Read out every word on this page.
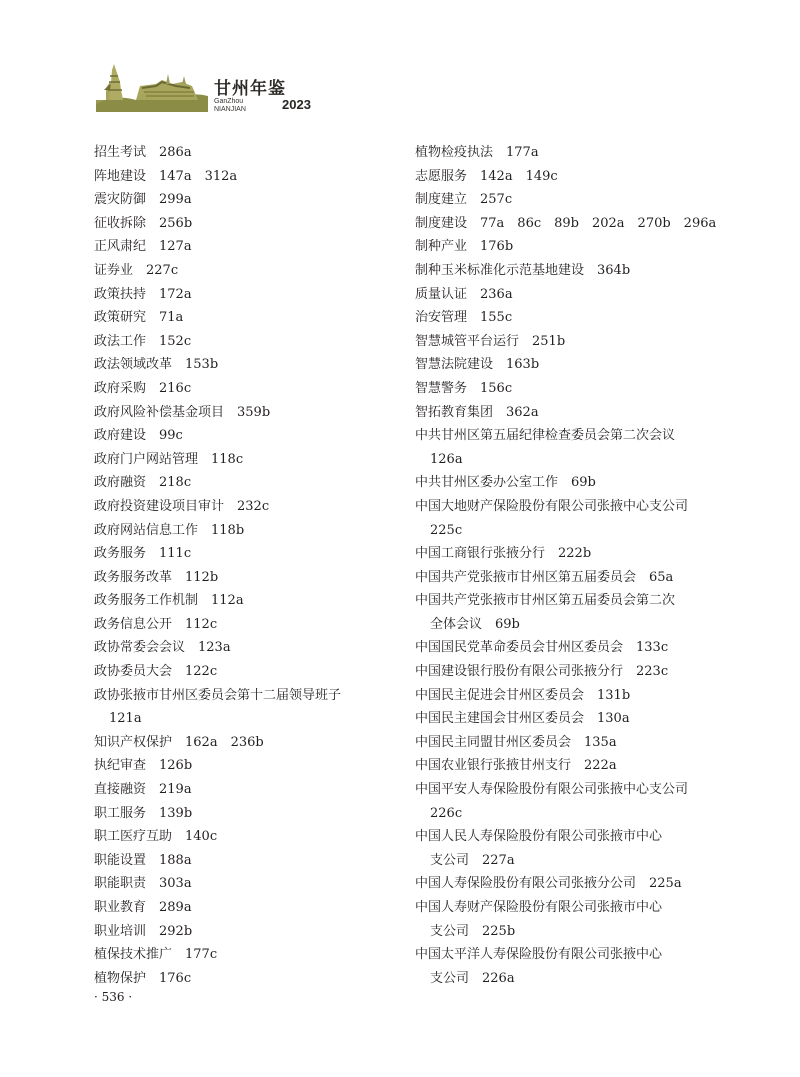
甘州年鉴
GanZhou
NIANJIAN	2023
招生考试　286a
阵地建设　147a　312a
震灾防御　299a
征收拆除　256b
正风肃纪　127a
证券业　227c
政策扶持　172a
政策研究　71a
政法工作　152c
政法领域改革　153b
政府采购　216c
政府风险补偿基金项目　359b
政府建设　99c
政府门户网站管理　118c
政府融资　218c
政府投资建设项目审计　232c
政府网站信息工作　118b
政务服务　111c
政务服务改革　112b
政务服务工作机制　112a
政务信息公开　112c
政协常委会会议　123a
政协委员大会　122c
政协张掖市甘州区委员会第十二届领导班子
121a
知识产权保护　162a　236b
执纪审查　126b
直接融资　219a
职工服务　139b
职工医疗互助　140c
职能设置　188a
职能职责　303a
职业教育　289a
职业培训　292b
植保技术推广　177c
植物保护　176c
植物检疫执法　177a
志愿服务　142a　149c
制度建立　257c
制度建设　77a　86c　89b　202a　270b　296a
制种产业　176b
制种玉米标准化示范基地建设　364b
质量认证　236a
治安管理　155c
智慧城管平台运行　251b
智慧法院建设　163b
智慧警务　156c
智拓教育集团　362a
中共甘州区第五届纪律检查委员会第二次会议
126a
中共甘州区委办公室工作　69b
中国大地财产保险股份有限公司张掖中心支公司
225c
中国工商银行张掖分行　222b
中国共产党张掖市甘州区第五届委员会　65a
中国共产党张掖市甘州区第五届委员会第二次
全体会议　69b
中国国民党革命委员会甘州区委员会　133c
中国建设银行股份有限公司张掖分行　223c
中国民主促进会甘州区委员会　131b
中国民主建国会甘州区委员会　130a
中国民主同盟甘州区委员会　135a
中国农业银行张掖甘州支行　222a
中国平安人寿保险股份有限公司张掖中心支公司
226c
中国人民人寿保险股份有限公司张掖市中心
支公司　227a
中国人寿保险股份有限公司张掖分公司　225a
中国人寿财产保险股份有限公司张掖市中心
支公司　225b
中国太平洋人寿保险股份有限公司张掖中心
支公司　226a
· 536 ·
